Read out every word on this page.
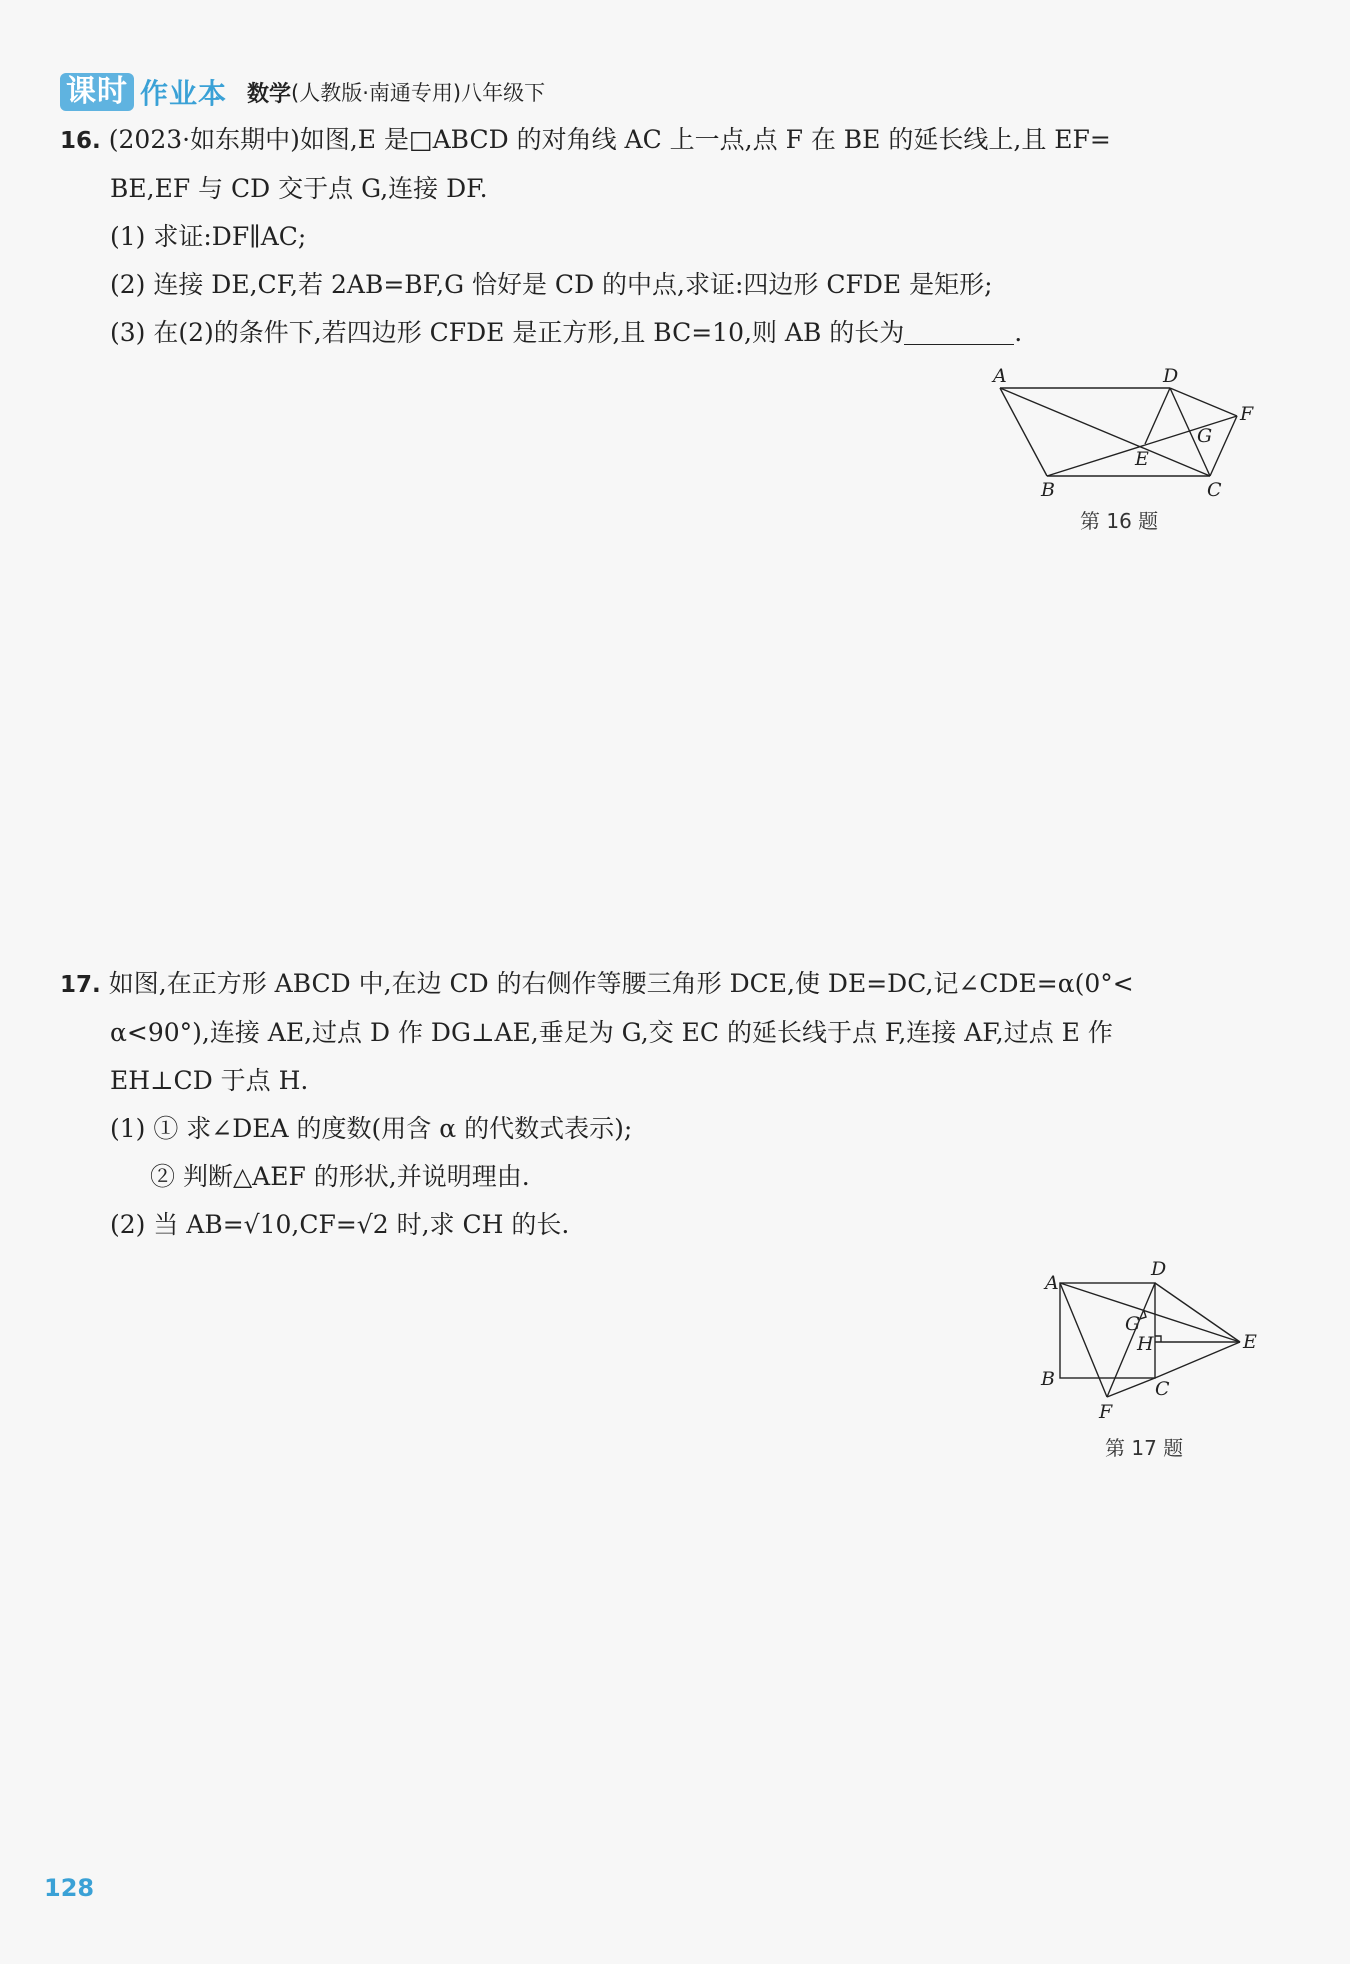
课时 作业本 数学 (人教版·南通专用)八年级下
16. (2023·如东期中)如图,E 是□ABCD 的对角线 AC 上一点,点 F 在 BE 的延长线上,且 EF=
BE,EF 与 CD 交于点 G,连接 DF.
(1) 求证:DF∥AC;
(2) 连接 DE,CF,若 2AB=BF,G 恰好是 CD 的中点,求证:四边形 CFDE 是矩形;
(3) 在(2)的条件下,若四边形 CFDE 是正方形,且 BC=10,则 AB 的长为	.
A	D
F
G
E
B	C
第 16 题
17. 如图,在正方形 ABCD 中,在边 CD 的右侧作等腰三角形 DCE,使 DE=DC,记∠CDE=α(0°<
α<90°),连接 AE,过点 D 作 DG⊥AE,垂足为 G,交 EC 的延长线于点 F,连接 AF,过点 E 作
EH⊥CD 于点 H.
(1) ① 求∠DEA 的度数(用含 α 的代数式表示);
② 判断△AEF 的形状,并说明理由.
(2) 当 AB=√10,CF=√2 时,求 CH 的长.
A
D
E
G
H
B	C
F
第 17 题
128
